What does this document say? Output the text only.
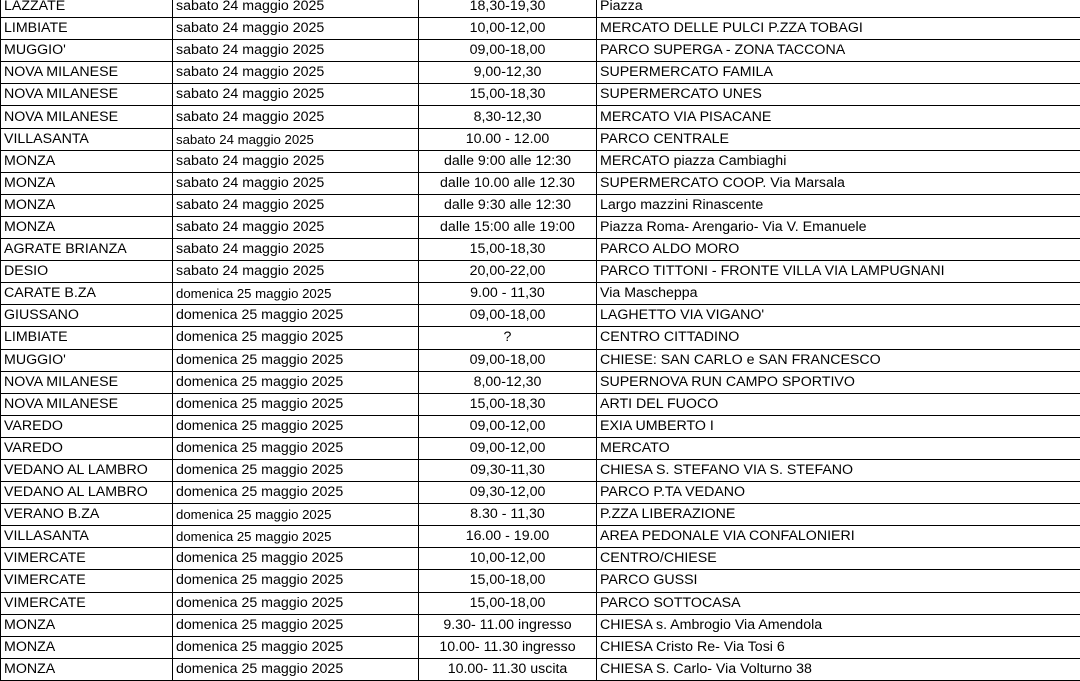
LAZZATE	sabato 24 maggio 2025	18,30-19,30	Piazza
LIMBIATE	sabato 24 maggio 2025	10,00-12,00	MERCATO DELLE PULCI P.ZZA TOBAGI
MUGGIO'	sabato 24 maggio 2025	09,00-18,00	PARCO SUPERGA - ZONA TACCONA
NOVA MILANESE	sabato 24 maggio 2025	9,00-12,30	SUPERMERCATO FAMILA
NOVA MILANESE	sabato 24 maggio 2025	15,00-18,30	SUPERMERCATO UNES
NOVA MILANESE	sabato 24 maggio 2025	8,30-12,30	MERCATO VIA PISACANE
VILLASANTA	sabato 24 maggio 2025	10.00 - 12.00	PARCO CENTRALE
MONZA	sabato 24 maggio 2025	dalle 9:00 alle 12:30	MERCATO piazza Cambiaghi
MONZA	sabato 24 maggio 2025	dalle 10.00 alle 12.30	SUPERMERCATO COOP. Via Marsala
MONZA	sabato 24 maggio 2025	dalle 9:30 alle 12:30	Largo mazzini Rinascente
MONZA	sabato 24 maggio 2025	dalle 15:00 alle 19:00	Piazza Roma- Arengario- Via V. Emanuele
AGRATE BRIANZA	sabato 24 maggio 2025	15,00-18,30	PARCO ALDO MORO
DESIO	sabato 24 maggio 2025	20,00-22,00	PARCO TITTONI - FRONTE VILLA VIA LAMPUGNANI
CARATE B.ZA	domenica 25 maggio 2025	9.00 - 11,30	Via Mascheppa
GIUSSANO	domenica 25 maggio 2025	09,00-18,00	LAGHETTO VIA VIGANO'
LIMBIATE	domenica 25 maggio 2025	?	CENTRO CITTADINO
MUGGIO'	domenica 25 maggio 2025	09,00-18,00	CHIESE: SAN CARLO e SAN FRANCESCO
NOVA MILANESE	domenica 25 maggio 2025	8,00-12,30	SUPERNOVA RUN CAMPO SPORTIVO
NOVA MILANESE	domenica 25 maggio 2025	15,00-18,30	ARTI DEL FUOCO
VAREDO	domenica 25 maggio 2025	09,00-12,00	EXIA UMBERTO I
VAREDO	domenica 25 maggio 2025	09,00-12,00	MERCATO
VEDANO AL LAMBRO	domenica 25 maggio 2025	09,30-11,30	CHIESA S. STEFANO VIA S. STEFANO
VEDANO AL LAMBRO	domenica 25 maggio 2025	09,30-12,00	PARCO P.TA VEDANO
VERANO B.ZA	domenica 25 maggio 2025	8.30 - 11,30	P.ZZA LIBERAZIONE
VILLASANTA	domenica 25 maggio 2025	16.00 - 19.00	AREA PEDONALE VIA CONFALONIERI
VIMERCATE	domenica 25 maggio 2025	10,00-12,00	CENTRO/CHIESE
VIMERCATE	domenica 25 maggio 2025	15,00-18,00	PARCO GUSSI
VIMERCATE	domenica 25 maggio 2025	15,00-18,00	PARCO SOTTOCASA
MONZA	domenica 25 maggio 2025	9.30- 11.00 ingresso	CHIESA s. Ambrogio Via Amendola
MONZA	domenica 25 maggio 2025	10.00- 11.30 ingresso	CHIESA Cristo Re- Via Tosi 6
MONZA	domenica 25 maggio 2025	10.00- 11.30 uscita	CHIESA S. Carlo- Via Volturno 38
